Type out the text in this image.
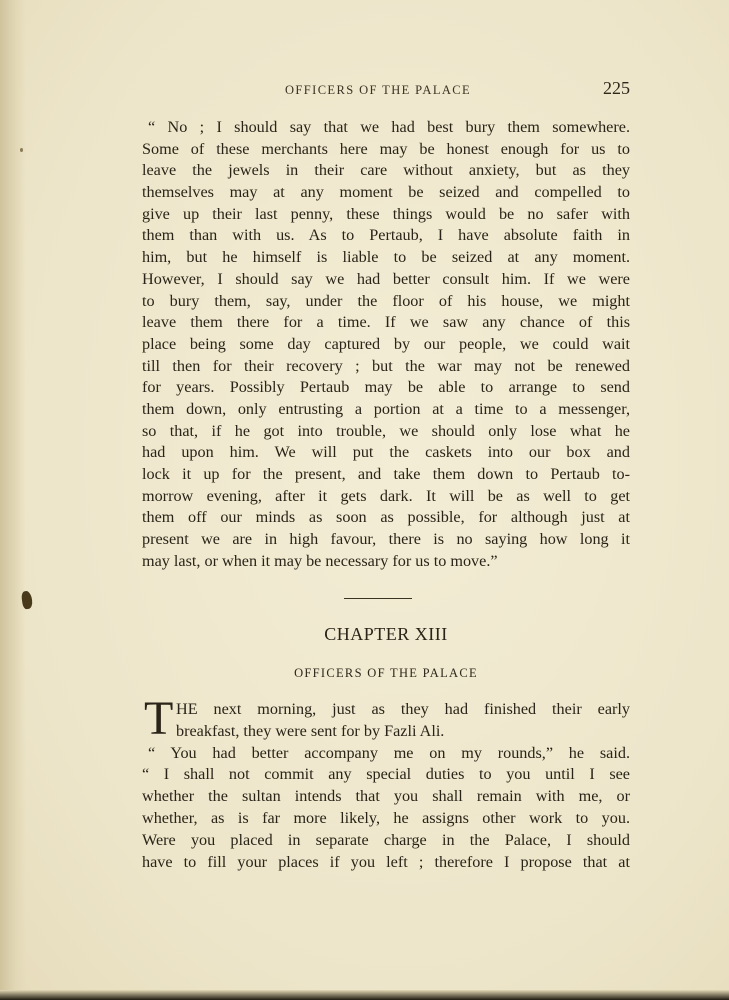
OFFICERS OF THE PALACE	225
“ No ; I should say that we had best bury them somewhere.
Some of these merchants here may be honest enough for us to
leave the jewels in their care without anxiety, but as they
themselves may at any moment be seized and compelled to
give up their last penny, these things would be no safer with
them than with us. As to Pertaub, I have absolute faith in
him, but he himself is liable to be seized at any moment.
However, I should say we had better consult him. If we were
to bury them, say, under the floor of his house, we might
leave them there for a time. If we saw any chance of this
place being some day captured by our people, we could wait
till then for their recovery ; but the war may not be renewed
for years. Possibly Pertaub may be able to arrange to send
them down, only entrusting a portion at a time to a messenger,
so that, if he got into trouble, we should only lose what he
had upon him. We will put the caskets into our box and
lock it up for the present, and take them down to Pertaub to-
morrow evening, after it gets dark. It will be as well to get
them off our minds as soon as possible, for although just at
present we are in high favour, there is no saying how long it
may last, or when it may be necessary for us to move.”
CHAPTER XIII
OFFICERS OF THE PALACE
T HE next morning, just as they had finished their early
breakfast, they were sent for by Fazli Ali.
“ You had better accompany me on my rounds,” he said.
“ I shall not commit any special duties to you until I see
whether the sultan intends that you shall remain with me, or
whether, as is far more likely, he assigns other work to you.
Were you placed in separate charge in the Palace, I should
have to fill your places if you left ; therefore I propose that at
